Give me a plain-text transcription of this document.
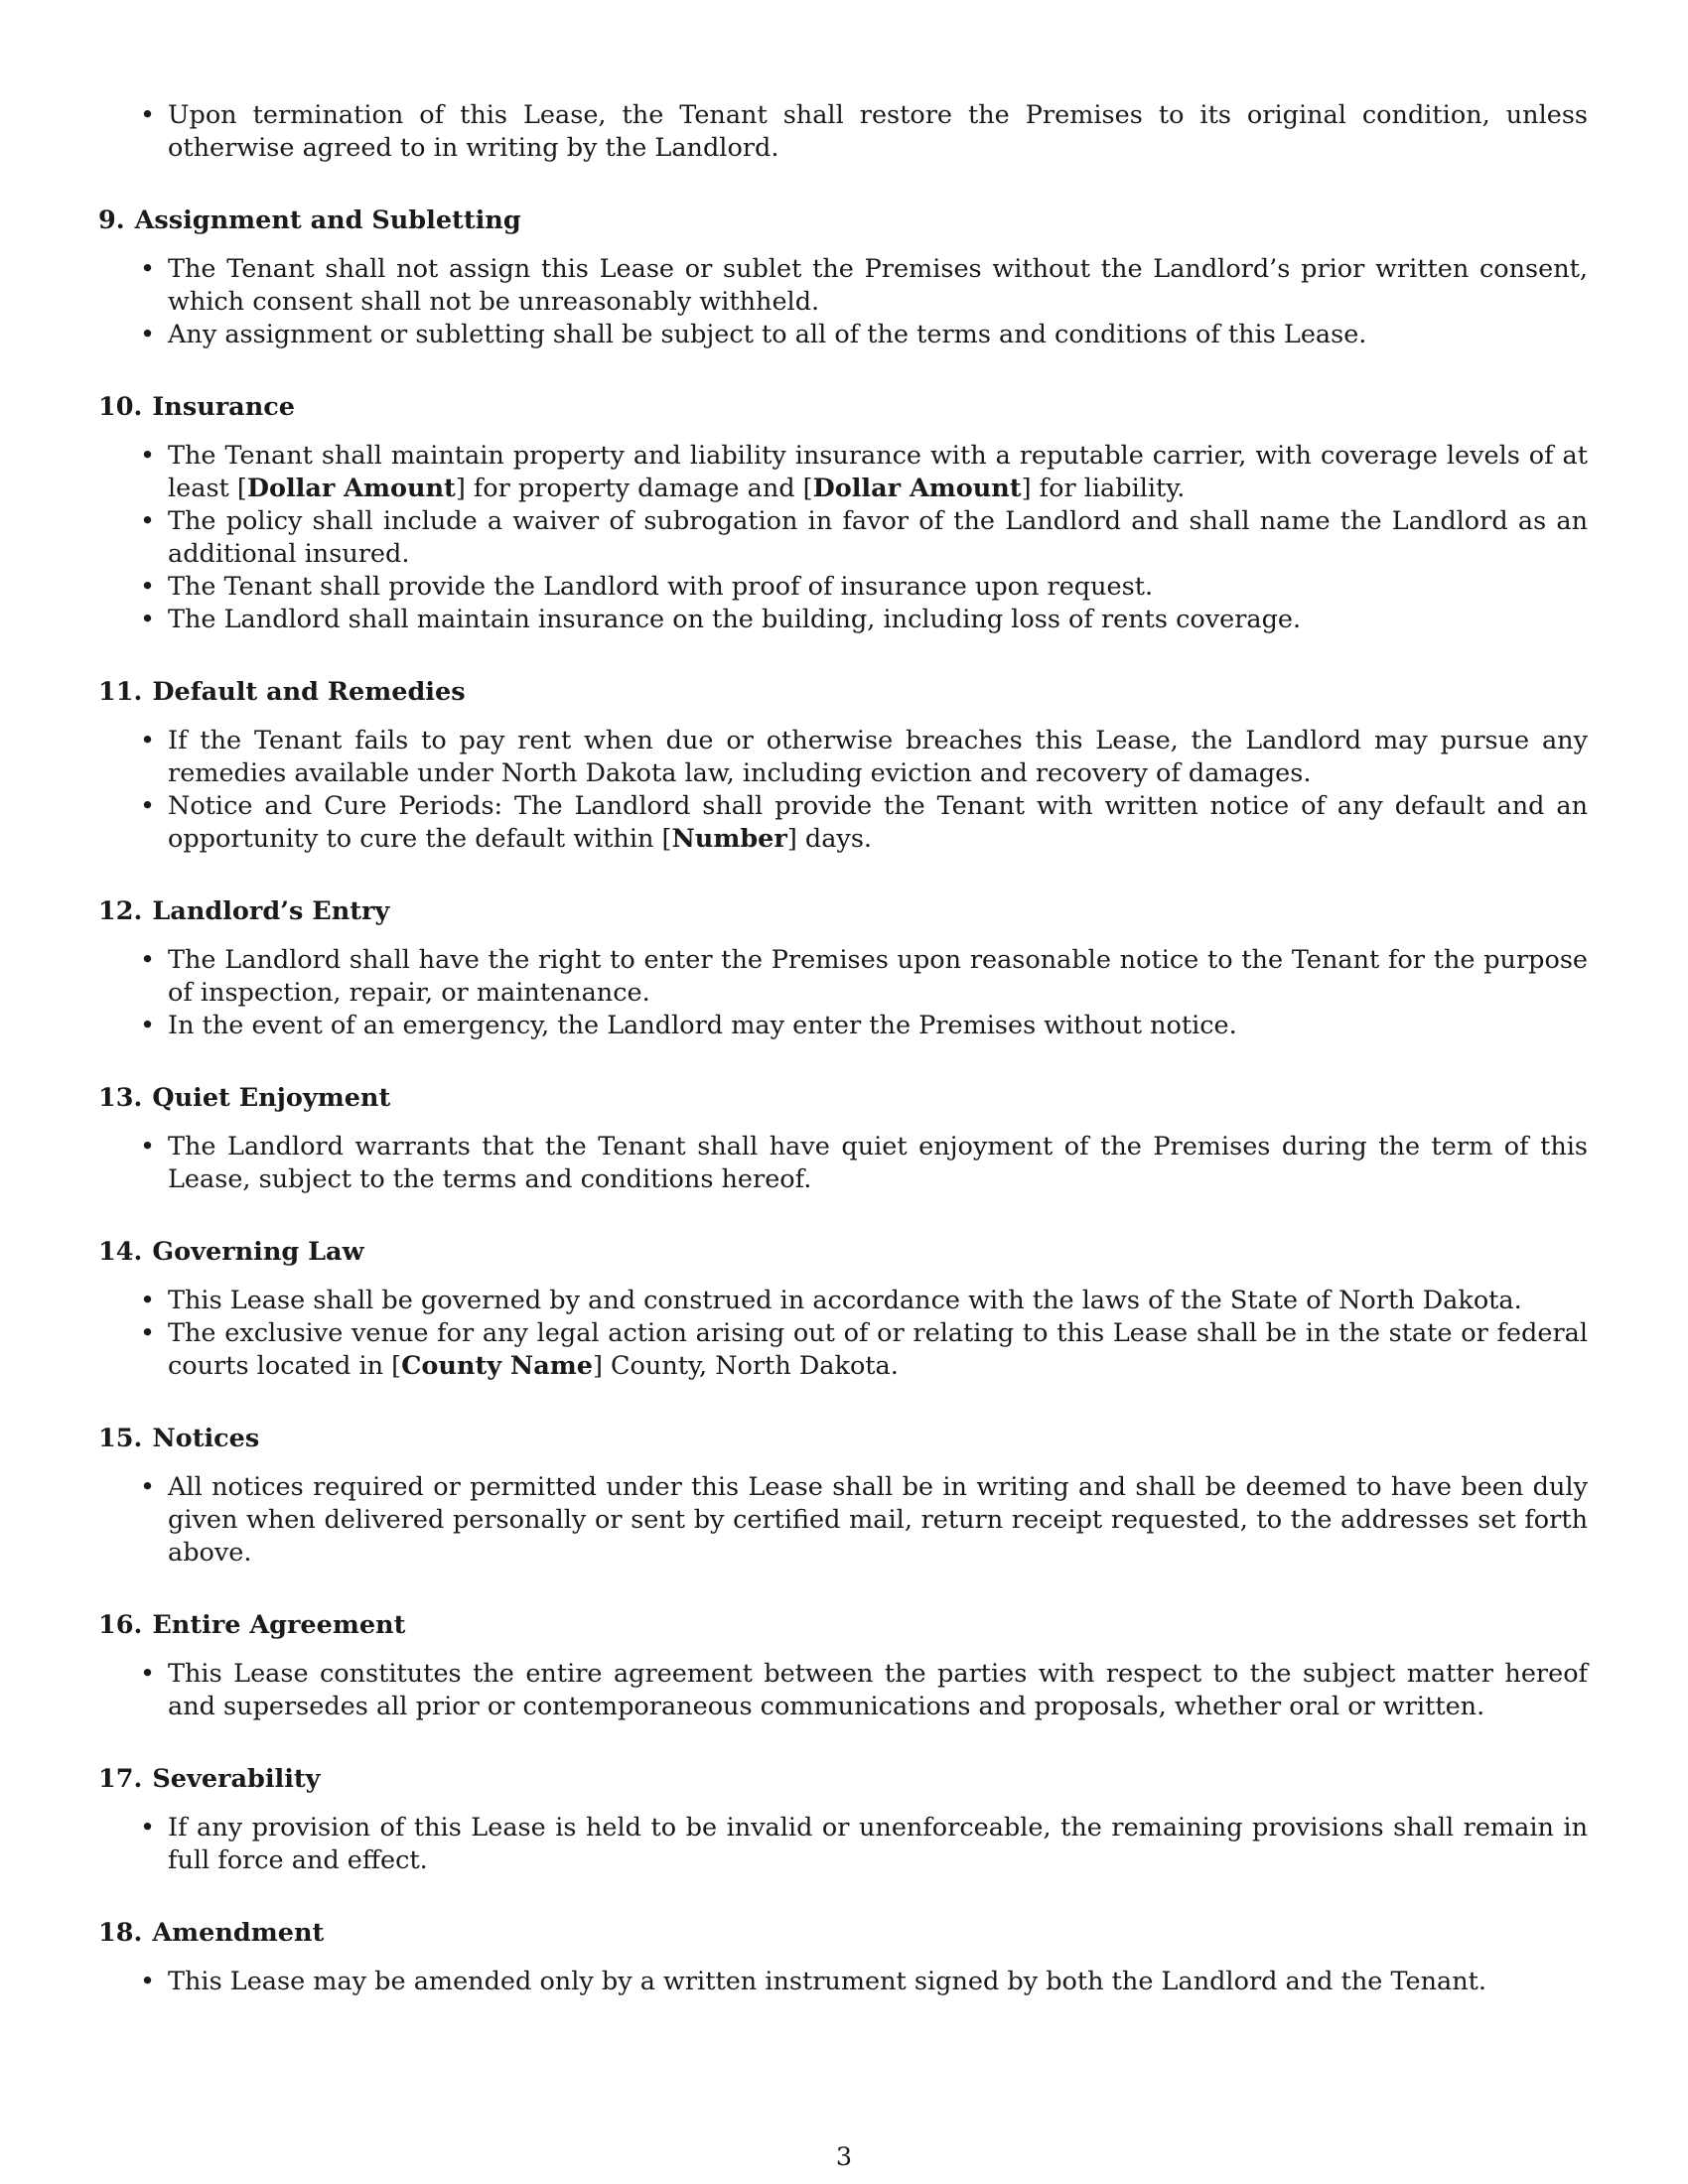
• Upon termination of this Lease, the Tenant shall restore the Premises to its original condition, unless otherwise agreed to in writing by the Landlord.
9. Assignment and Subletting
• The Tenant shall not assign this Lease or sublet the Premises without the Landlord’s prior written consent, which consent shall not be unreasonably withheld.
• Any assignment or subletting shall be subject to all of the terms and conditions of this Lease.
10. Insurance
• The Tenant shall maintain property and liability insurance with a reputable carrier, with coverage levels of at least [Dollar Amount] for property damage and [Dollar Amount] for liability.
• The policy shall include a waiver of subrogation in favor of the Landlord and shall name the Landlord as an additional insured.
• The Tenant shall provide the Landlord with proof of insurance upon request.
• The Landlord shall maintain insurance on the building, including loss of rents coverage.
11. Default and Remedies
• If the Tenant fails to pay rent when due or otherwise breaches this Lease, the Landlord may pursue any remedies available under North Dakota law, including eviction and recovery of damages.
• Notice and Cure Periods: The Landlord shall provide the Tenant with written notice of any default and an opportunity to cure the default within [Number] days.
12. Landlord’s Entry
• The Landlord shall have the right to enter the Premises upon reasonable notice to the Tenant for the purpose of inspection, repair, or maintenance.
• In the event of an emergency, the Landlord may enter the Premises without notice.
13. Quiet Enjoyment
• The Landlord warrants that the Tenant shall have quiet enjoyment of the Premises during the term of this Lease, subject to the terms and conditions hereof.
14. Governing Law
• This Lease shall be governed by and construed in accordance with the laws of the State of North Dakota.
• The exclusive venue for any legal action arising out of or relating to this Lease shall be in the state or federal courts located in [County Name] County, North Dakota.
15. Notices
• All notices required or permitted under this Lease shall be in writing and shall be deemed to have been duly given when delivered personally or sent by certified mail, return receipt requested, to the addresses set forth above.
16. Entire Agreement
• This Lease constitutes the entire agreement between the parties with respect to the subject matter hereof and supersedes all prior or contemporaneous communications and proposals, whether oral or written.
17. Severability
• If any provision of this Lease is held to be invalid or unenforceable, the remaining provisions shall remain in full force and effect.
18. Amendment
• This Lease may be amended only by a written instrument signed by both the Landlord and the Tenant.
3
